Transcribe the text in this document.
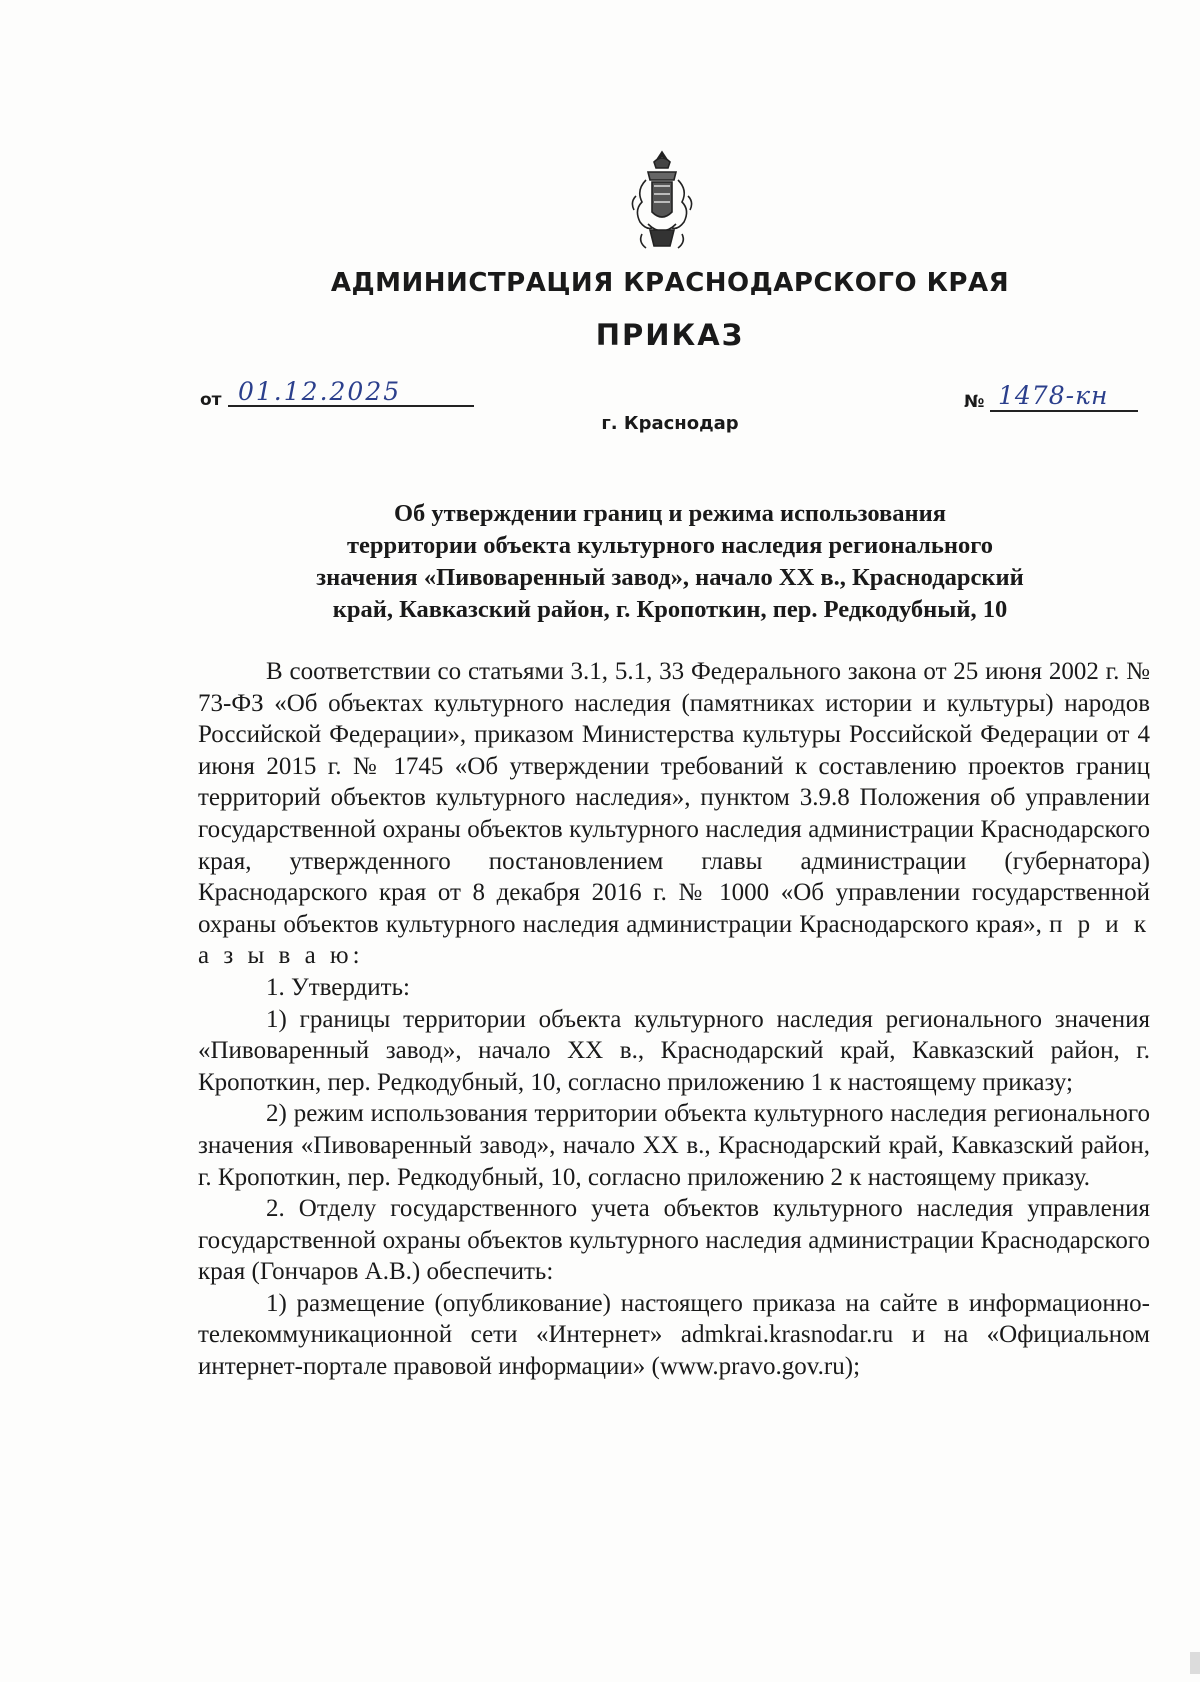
АДМИНИСТРАЦИЯ КРАСНОДАРСКОГО КРАЯ
ПРИКАЗ
от 01.12.2025	№ 1478-кн
г. Краснодар
Об утверждении границ и режима использования
территории объекта культурного наследия регионального
значения «Пивоваренный завод», начало XX в., Краснодарский
край, Кавказский район, г. Кропоткин, пер. Редкодубный, 10

В соответствии со статьями 3.1, 5.1, 33 Федерального закона от 25 июня 2002 г. № 73-ФЗ «Об объектах культурного наследия (памятниках истории и культуры) народов Российской Федерации», приказом Министерства культуры Российской Федерации от 4 июня 2015 г. № 1745 «Об утверждении требований к составлению проектов границ территорий объектов культурного наследия», пунктом 3.9.8 Положения об управлении государственной охраны объектов культурного наследия администрации Краснодарского края, утвержденного постановлением главы администрации (губернатора) Краснодарского края от 8 декабря 2016 г. № 1000 «Об управлении государственной охраны объектов культурного наследия администрации Краснодарского края», п р и к а з ы в а ю:

1. Утвердить:

1) границы территории объекта культурного наследия регионального значения «Пивоваренный завод», начало XX в., Краснодарский край, Кавказский район, г. Кропоткин, пер. Редкодубный, 10, согласно приложению 1 к настоящему приказу;

2) режим использования территории объекта культурного наследия регионального значения «Пивоваренный завод», начало XX в., Краснодарский край, Кавказский район, г. Кропоткин, пер. Редкодубный, 10, согласно приложению 2 к настоящему приказу.

2. Отделу государственного учета объектов культурного наследия управления государственной охраны объектов культурного наследия администрации Краснодарского края (Гончаров А.В.) обеспечить:

1) размещение (опубликование) настоящего приказа на сайте в информационно-телекоммуникационной сети «Интернет» admkrai.krasnodar.ru и на «Официальном интернет-портале правовой информации» (www.pravo.gov.ru);
